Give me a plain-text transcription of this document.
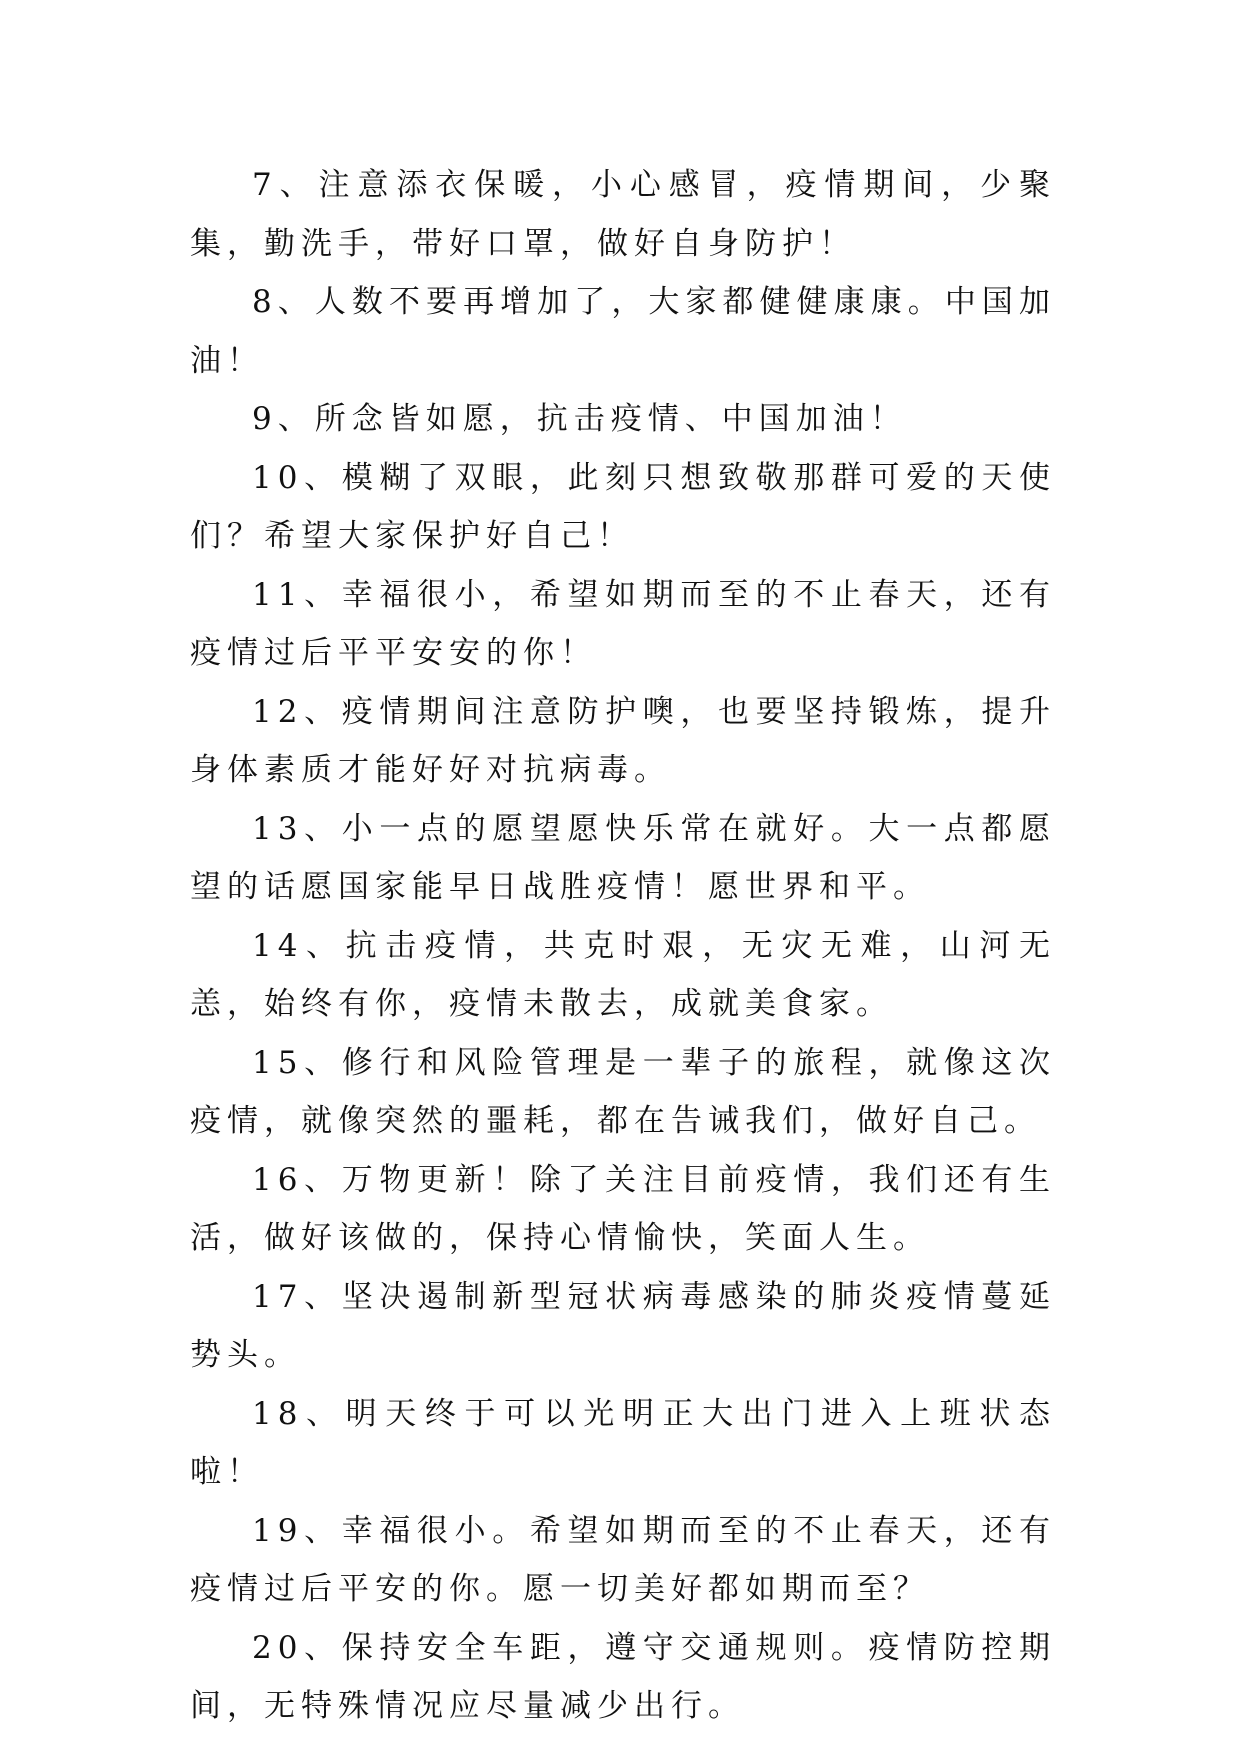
7、注意添衣保暖，小心感冒，疫情期间，少聚集，勤洗手，带好口罩，做好自身防护！

8、人数不要再增加了，大家都健健康康。中国加油！

9、所念皆如愿，抗击疫情、中国加油！

10、模糊了双眼，此刻只想致敬那群可爱的天使们？希望大家保护好自己！

11、幸福很小，希望如期而至的不止春天，还有疫情过后平平安安的你！

12、疫情期间注意防护噢，也要坚持锻炼，提升身体素质才能好好对抗病毒。

13、小一点的愿望愿快乐常在就好。大一点都愿望的话愿国家能早日战胜疫情！愿世界和平。

14、抗击疫情，共克时艰，无灾无难，山河无恙，始终有你，疫情未散去，成就美食家。

15、修行和风险管理是一辈子的旅程，就像这次疫情，就像突然的噩耗，都在告诫我们，做好自己。

16、万物更新！除了关注目前疫情，我们还有生活，做好该做的，保持心情愉快，笑面人生。

17、坚决遏制新型冠状病毒感染的肺炎疫情蔓延势头。

18、明天终于可以光明正大出门进入上班状态啦！

19、幸福很小。希望如期而至的不止春天，还有疫情过后平安的你。愿一切美好都如期而至？

20、保持安全车距，遵守交通规则。疫情防控期间，无特殊情况应尽量减少出行。
